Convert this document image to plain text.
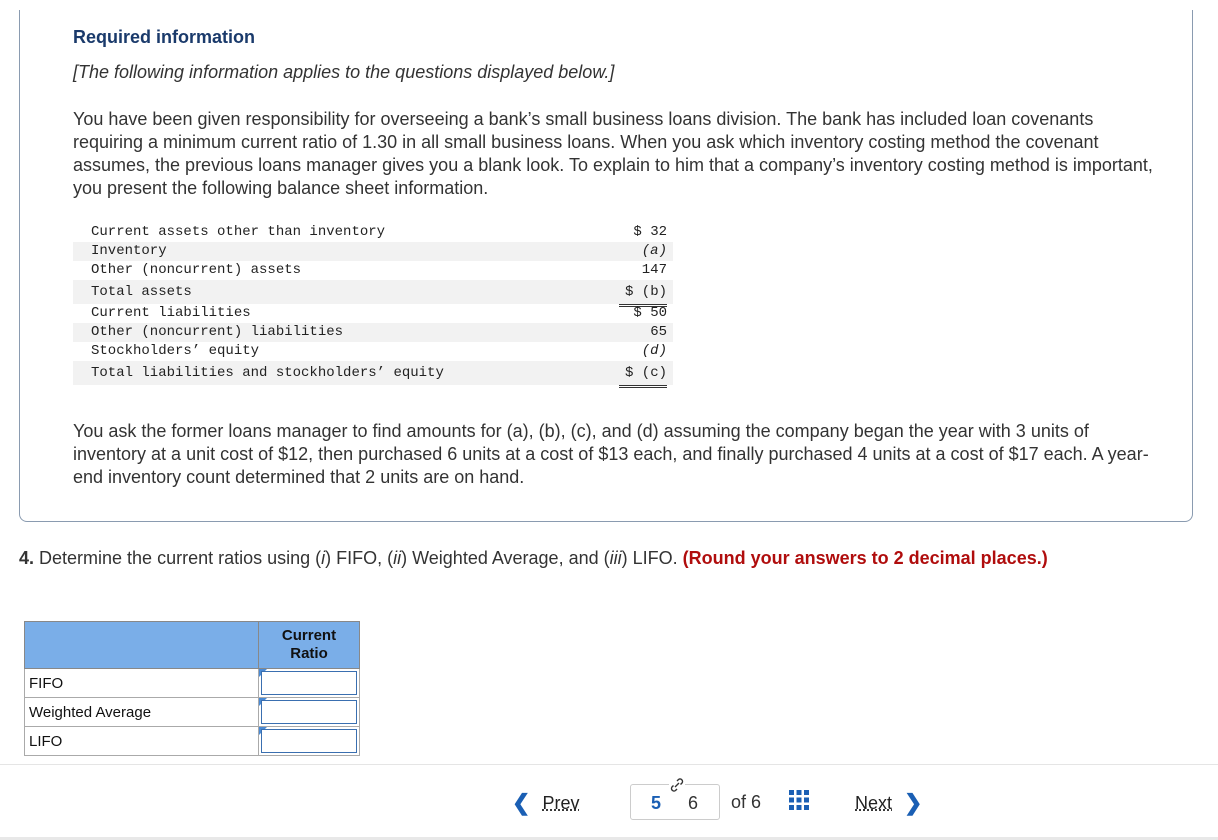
Required information
[The following information applies to the questions displayed below.]
You have been given responsibility for overseeing a bank’s small business loans division. The bank has included loan covenants requiring a minimum current ratio of 1.30 in all small business loans. When you ask which inventory costing method the covenant assumes, the previous loans manager gives you a blank look. To explain to him that a company’s inventory costing method is important, you present the following balance sheet information.
Current assets other than inventory	$ 32
Inventory	(a)
Other (noncurrent) assets	147
Total assets	$ (b)
Current liabilities	$ 50
Other (noncurrent) liabilities	65
Stockholders’ equity	(d)
Total liabilities and stockholders’ equity	$ (c)
You ask the former loans manager to find amounts for (a), (b), (c), and (d) assuming the company began the year with 3 units of inventory at a unit cost of $12, then purchased 6 units at a cost of $13 each, and finally purchased 4 units at a cost of $17 each. A year-end inventory count determined that 2 units are on hand.
4. Determine the current ratios using (i) FIFO, (ii) Weighted Average, and (iii) LIFO. (Round your answers to 2 decimal places.)
	Current
Ratio
FIFO	

Weighted Average	

LIFO	
❮ Prev	5 6 of 6	Next ❯
